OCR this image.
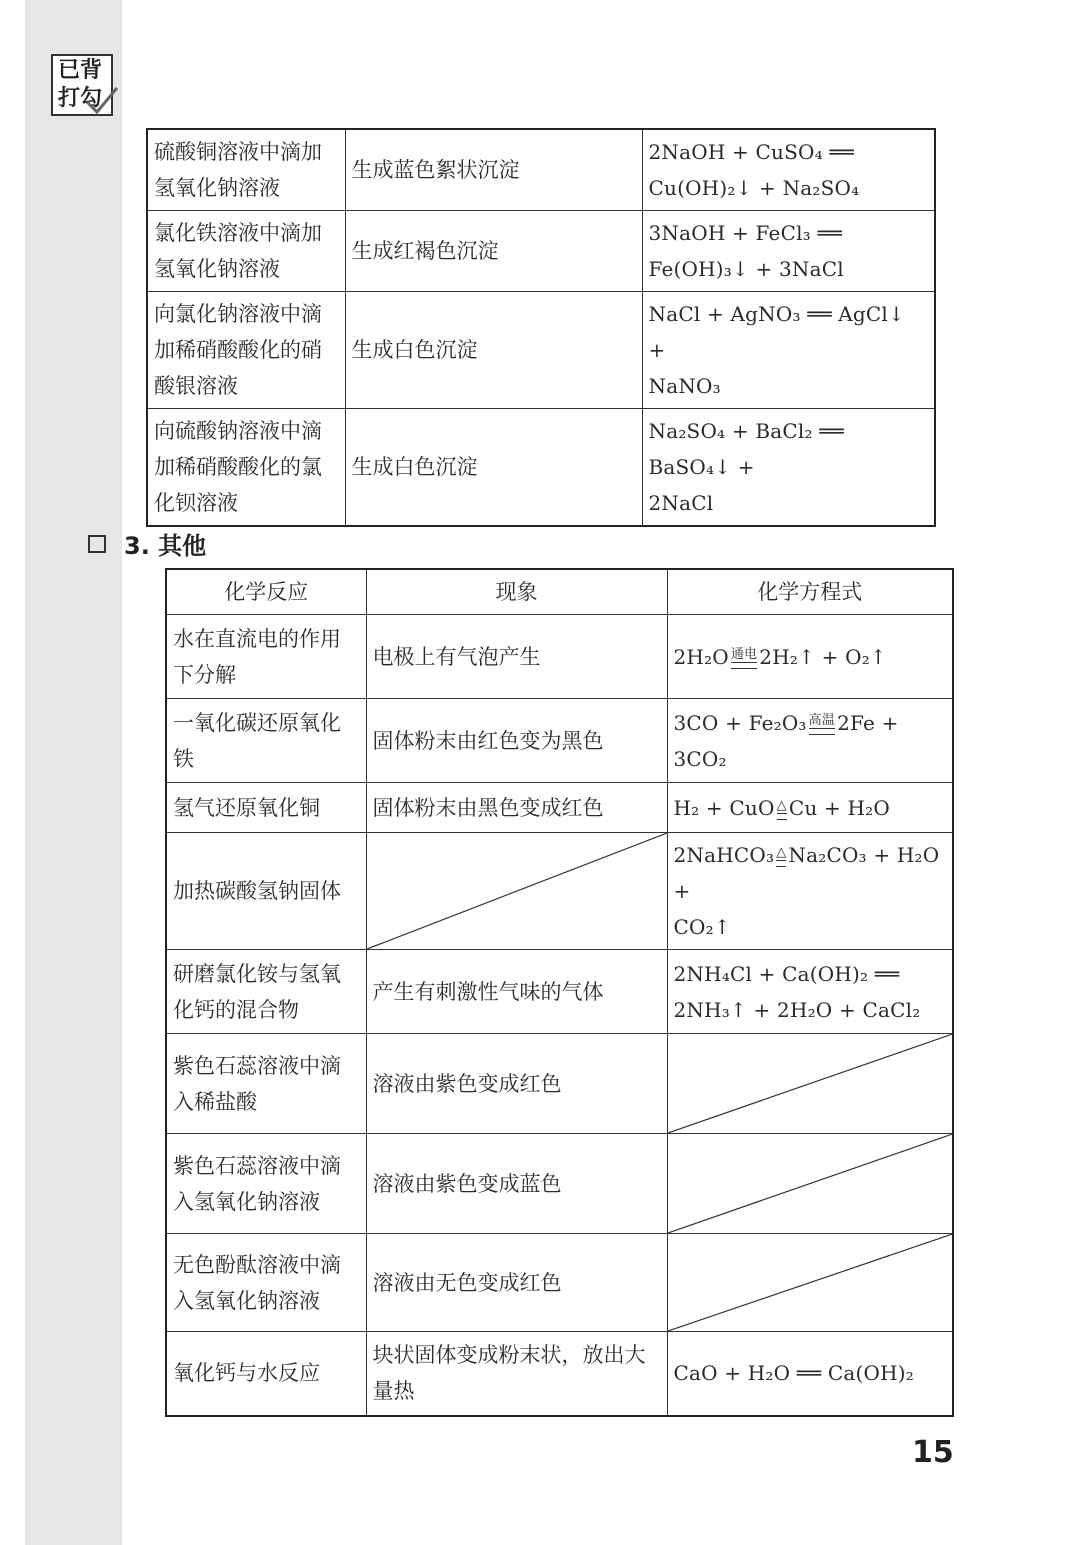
已背
打勾
硫酸铜溶液中滴加氢氧化钠溶液	生成蓝色絮状沉淀	2NaOH + CuSO₄ ══
Cu(OH)₂↓ + Na₂SO₄

氯化铁溶液中滴加氢氧化钠溶液	生成红褐色沉淀	3NaOH + FeCl₃ ══
Fe(OH)₃↓ + 3NaCl

向氯化钠溶液中滴加稀硝酸酸化的硝酸银溶液	生成白色沉淀	NaCl + AgNO₃ ══ AgCl↓ +
NaNO₃

向硫酸钠溶液中滴加稀硝酸酸化的氯化钡溶液	生成白色沉淀	Na₂SO₄ + BaCl₂ ══ BaSO₄↓ +
2NaCl
3. 其他
化学反应	现象	化学方程式
水在直流电的作用下分解	电极上有气泡产生	2H₂O 通电 2H₂↑ + O₂↑
一氧化碳还原氧化铁	固体粉末由红色变为黑色	3CO + Fe₂O₃ 高温 2Fe + 3CO₂
氢气还原氧化铜	固体粉末由黑色变成红色	H₂ + CuO △ Cu + H₂O
加热碳酸氢钠固体		2NaHCO₃ △ Na₂CO₃ + H₂O +
CO₂↑

研磨氯化铵与氢氧化钙的混合物	产生有刺激性气味的气体	2NH₄Cl + Ca(OH)₂ ══
2NH₃↑ + 2H₂O + CaCl₂

紫色石蕊溶液中滴入稀盐酸	溶液由紫色变成红色	

紫色石蕊溶液中滴入氢氧化钠溶液	溶液由紫色变成蓝色	

无色酚酞溶液中滴入氢氧化钠溶液	溶液由无色变成红色	

氧化钙与水反应	块状固体变成粉末状，放出大量热	CaO + H₂O ══ Ca(OH)₂
15
